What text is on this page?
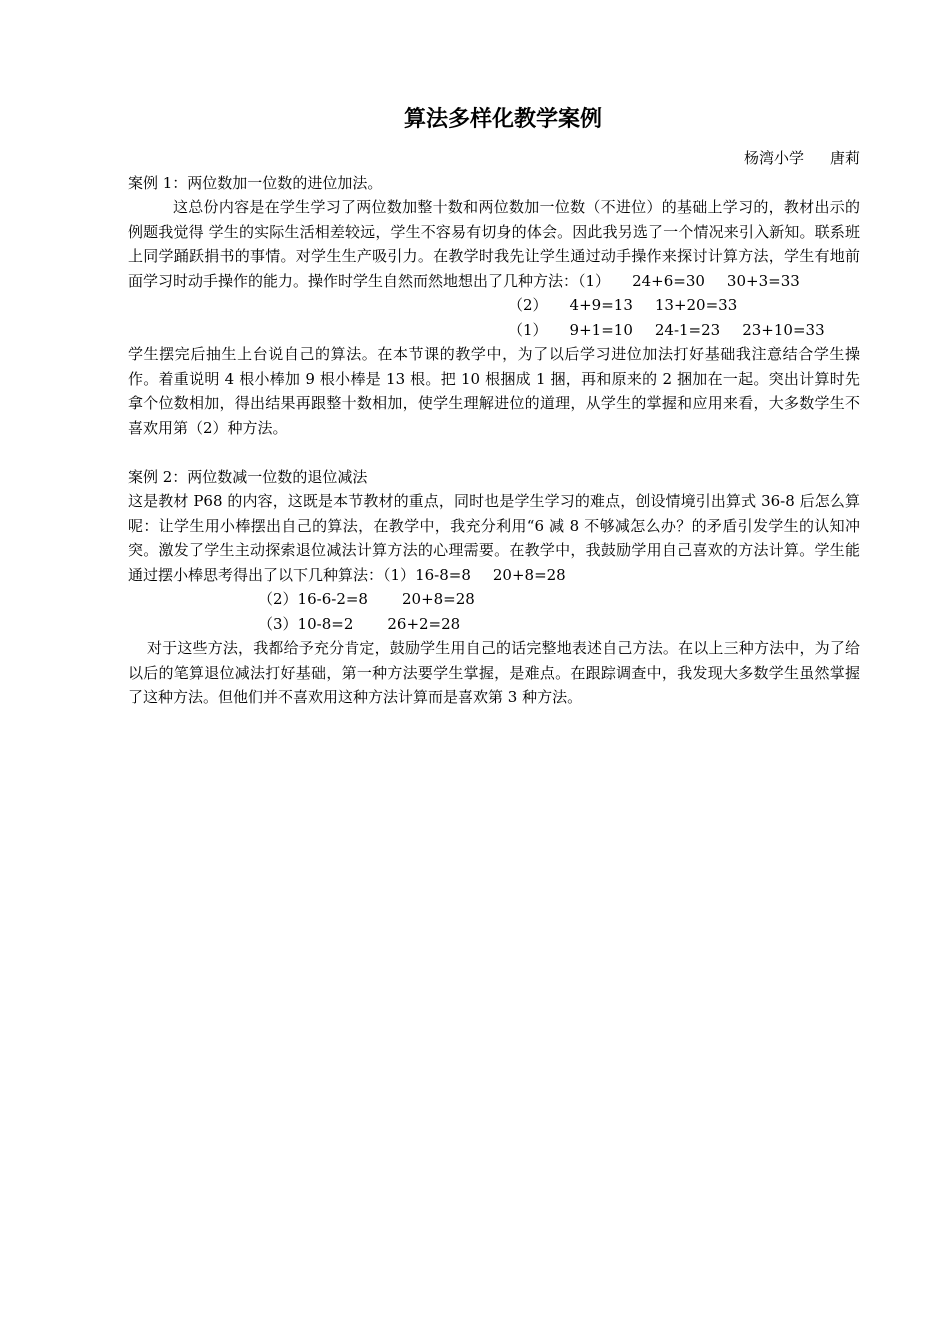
算法多样化教学案例
杨湾小学 唐莉
案例 1：两位数加一位数的进位加法。

这总份内容是在学生学习了两位数加整十数和两位数加一位数（不进位）的基础上学习的，教材出示的例题我觉得 学生的实际生活相差较远，学生不容易有切身的体会。因此我另选了一个情况来引入新知。联系班上同学踊跃捐书的事情。对学生生产吸引力。在教学时我先让学生通过动手操作来探讨计算方法，学生有地前面学习时动手操作的能力。操作时学生自然而然地想出了几种方法：（1） 24+6=30 30+3=33

（2） 4+9=13 13+20=33
（1） 9+1=10 24-1=23 23+10=33

学生摆完后抽生上台说自己的算法。在本节课的教学中，为了以后学习进位加法打好基础我注意结合学生操作。着重说明 4 根小棒加 9 根小棒是 13 根。把 10 根捆成 1 捆，再和原来的 2 捆加在一起。突出计算时先拿个位数相加，得出结果再跟整十数相加，使学生理解进位的道理，从学生的掌握和应用来看，大多数学生不喜欢用第（2）种方法。

案例 2：两位数减一位数的退位减法

这是教材 P68 的内容，这既是本节教材的重点，同时也是学生学习的难点，创设情境引出算式 36-8 后怎么算呢：让学生用小棒摆出自己的算法，在教学中，我充分利用“6 减 8 不够减怎么办？的矛盾引发学生的认知冲突。激发了学生主动探索退位减法计算方法的心理需要。在教学中，我鼓励学用自己喜欢的方法计算。学生能通过摆小棒思考得出了以下几种算法：（1）16-8=8 20+8=28

（2）16-6-2=8 20+8=28
（3）10-8=2 26+2=28

对于这些方法，我都给予充分肯定，鼓励学生用自己的话完整地表述自己方法。在以上三种方法中，为了给以后的笔算退位减法打好基础，第一种方法要学生掌握，是难点。在跟踪调查中，我发现大多数学生虽然掌握了这种方法。但他们并不喜欢用这种方法计算而是喜欢第 3 种方法。
